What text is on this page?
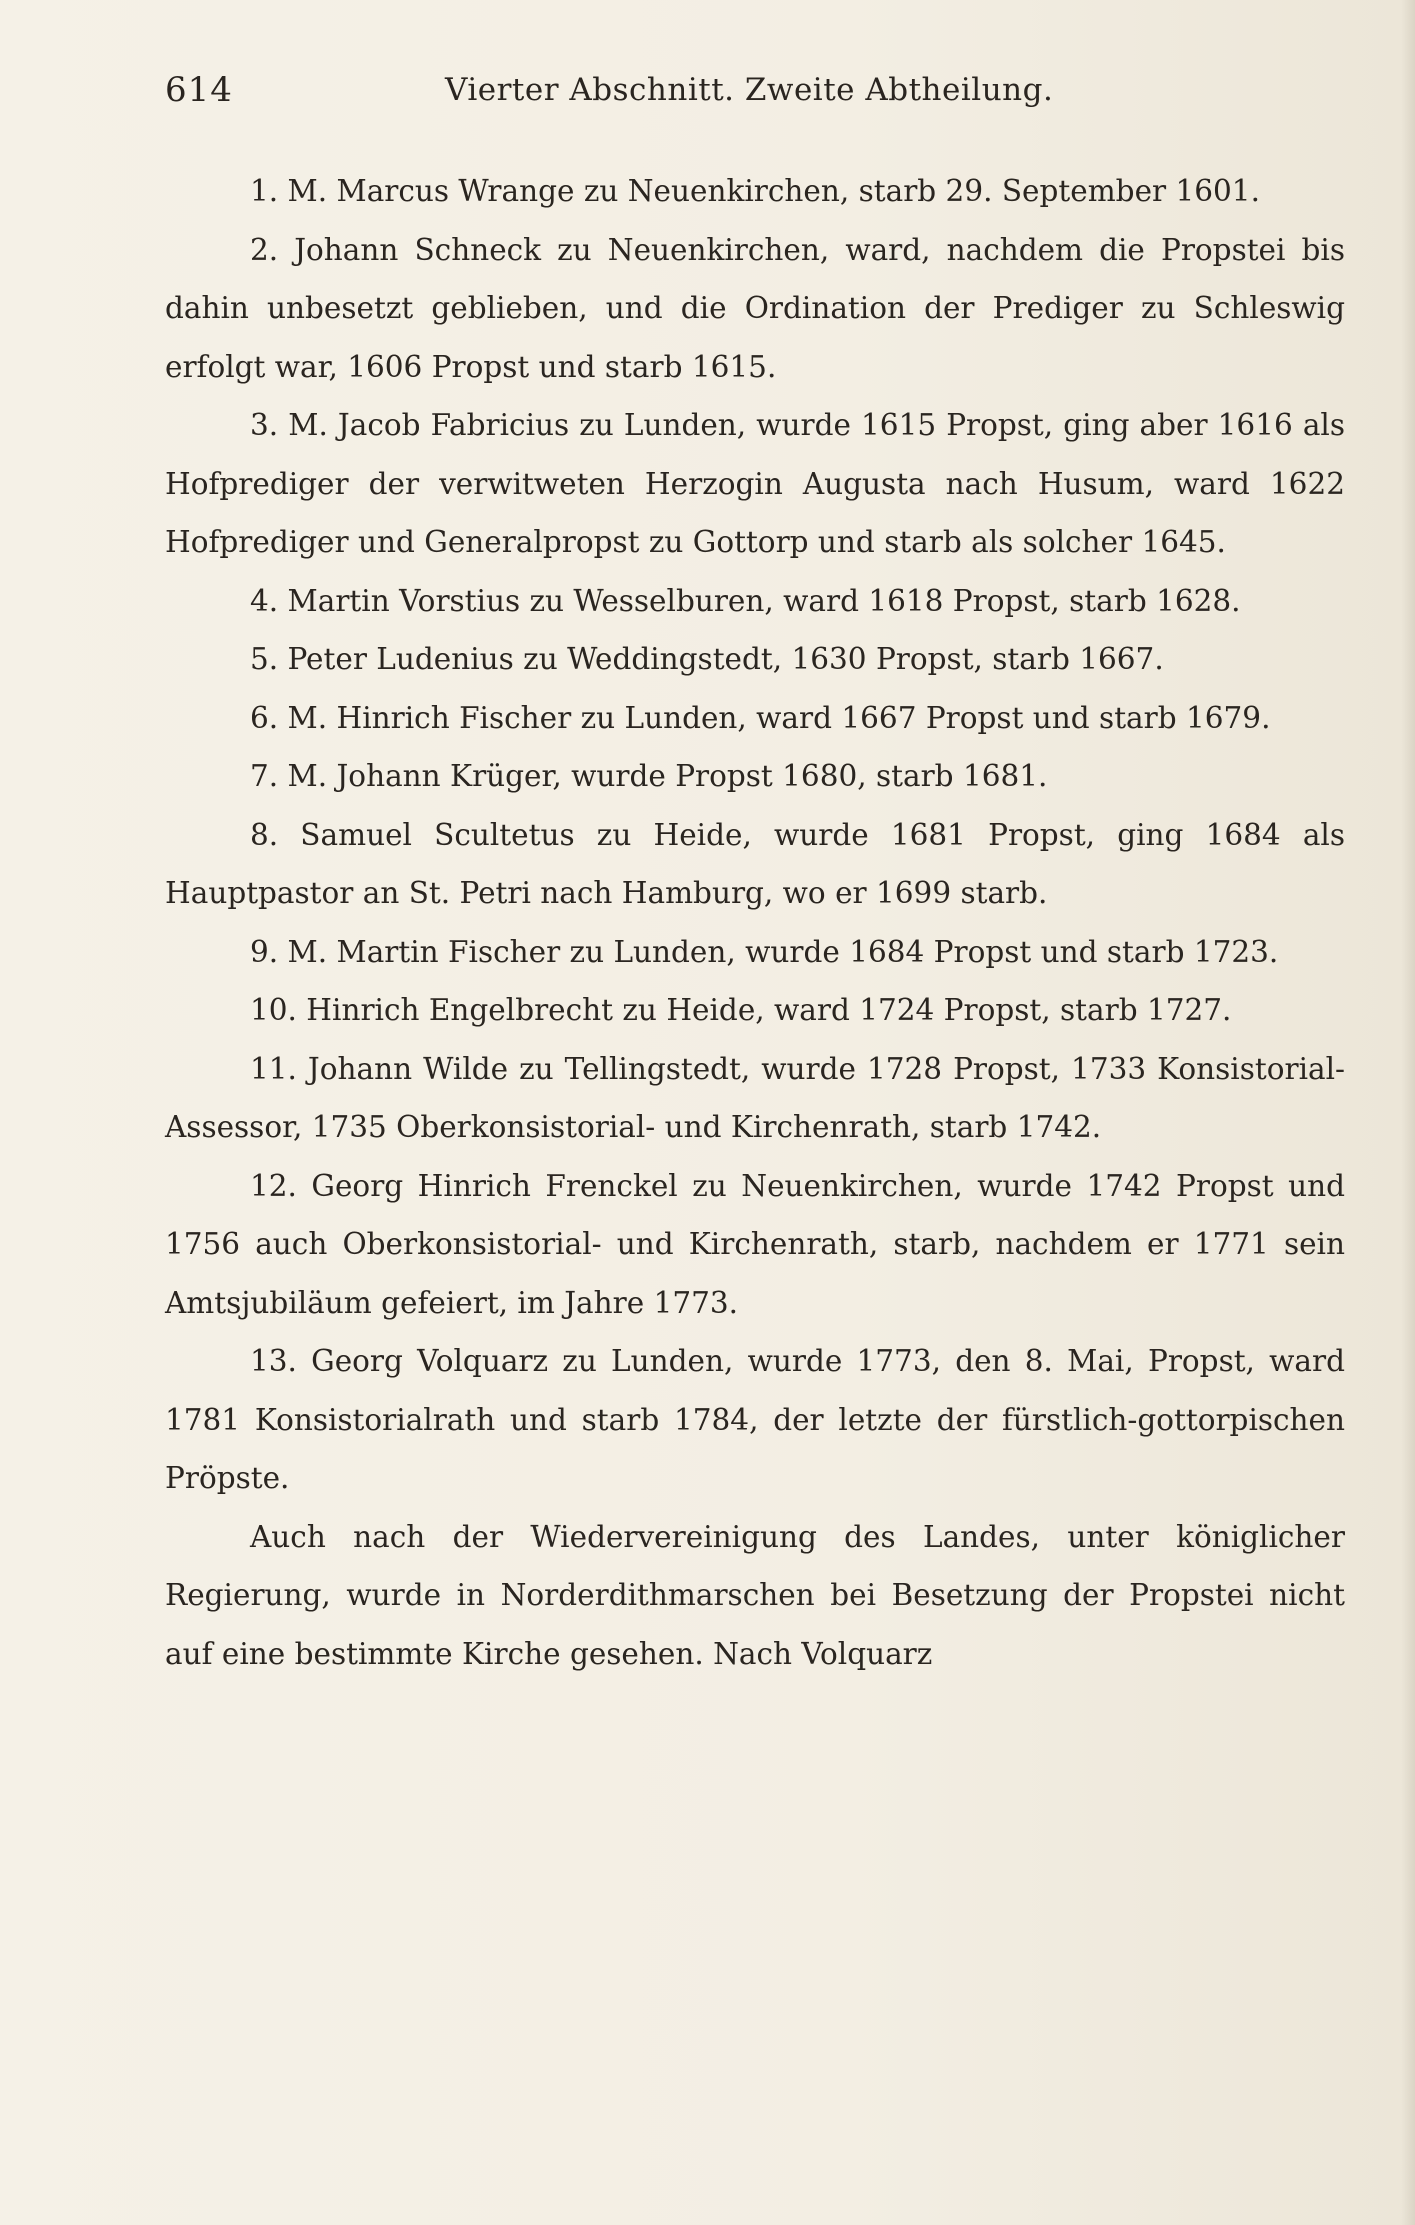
614	Vierter Abschnitt. Zweite Abtheilung.

1. M. Marcus Wrange zu Neuenkirchen, starb 29. September 1601.

2. Johann Schneck zu Neuenkirchen, ward, nachdem die Propstei bis dahin unbesetzt geblieben, und die Ordination der Prediger zu Schleswig erfolgt war, 1606 Propst und starb 1615.

3. M. Jacob Fabricius zu Lunden, wurde 1615 Propst, ging aber 1616 als Hofprediger der verwitweten Herzogin Augusta nach Husum, ward 1622 Hofprediger und Generalpropst zu Gottorp und starb als solcher 1645.

4. Martin Vorstius zu Wesselburen, ward 1618 Propst, starb 1628.

5. Peter Ludenius zu Weddingstedt, 1630 Propst, starb 1667.

6. M. Hinrich Fischer zu Lunden, ward 1667 Propst und starb 1679.

7. M. Johann Krüger, wurde Propst 1680, starb 1681.

8. Samuel Scultetus zu Heide, wurde 1681 Propst, ging 1684 als Hauptpastor an St. Petri nach Hamburg, wo er 1699 starb.

9. M. Martin Fischer zu Lunden, wurde 1684 Propst und starb 1723.

10. Hinrich Engelbrecht zu Heide, ward 1724 Propst, starb 1727.

11. Johann Wilde zu Tellingstedt, wurde 1728 Propst, 1733 Konsistorial-Assessor, 1735 Oberkonsistorial- und Kirchenrath, starb 1742.

12. Georg Hinrich Frenckel zu Neuenkirchen, wurde 1742 Propst und 1756 auch Oberkonsistorial- und Kirchenrath, starb, nachdem er 1771 sein Amtsjubiläum gefeiert, im Jahre 1773.

13. Georg Volquarz zu Lunden, wurde 1773, den 8. Mai, Propst, ward 1781 Konsistorialrath und starb 1784, der letzte der fürstlich-gottorpischen Pröpste.

Auch nach der Wiedervereinigung des Landes, unter königlicher Regierung, wurde in Norderdithmarschen bei Besetzung der Propstei nicht auf eine bestimmte Kirche gesehen. Nach Volquarz
